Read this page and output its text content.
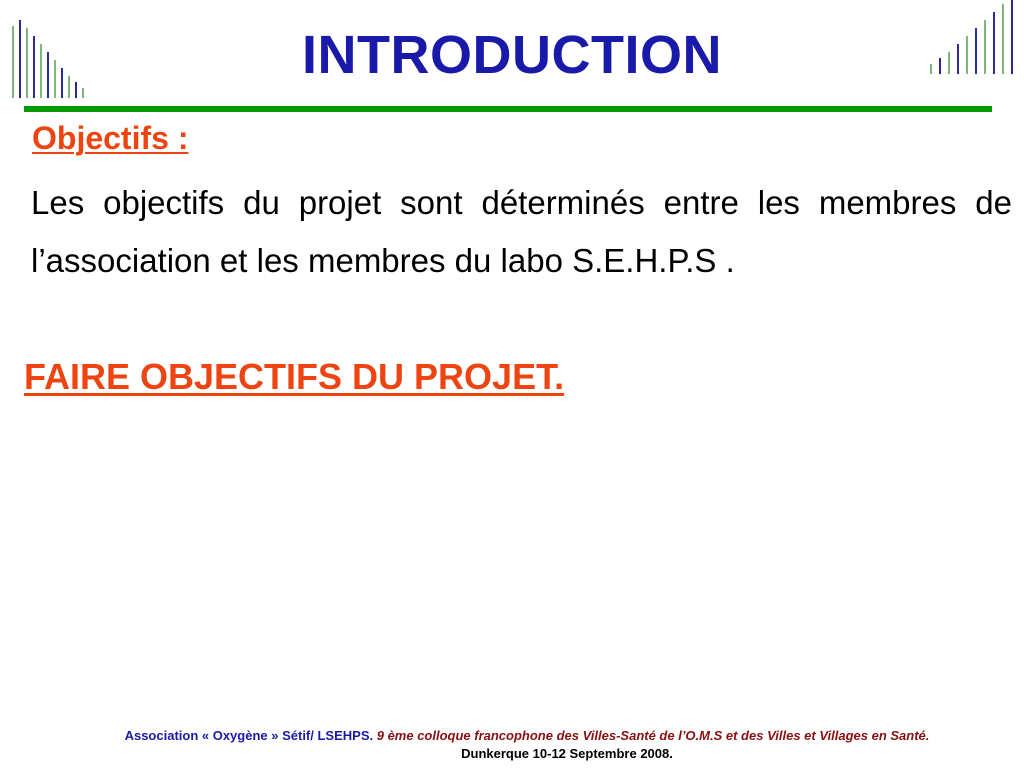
INTRODUCTION

Objectifs :

Les objectifs du projet sont déterminés entre les membres de l’association et les membres du labo S.E.H.P.S .

FAIRE OBJECTIFS DU PROJET.

Association « Oxygène » Sétif/ LSEHPS. 9 ème colloque francophone des Villes-Santé de l’O.M.S et des Villes et Villages en Santé.

Dunkerque 10-12 Septembre 2008.
